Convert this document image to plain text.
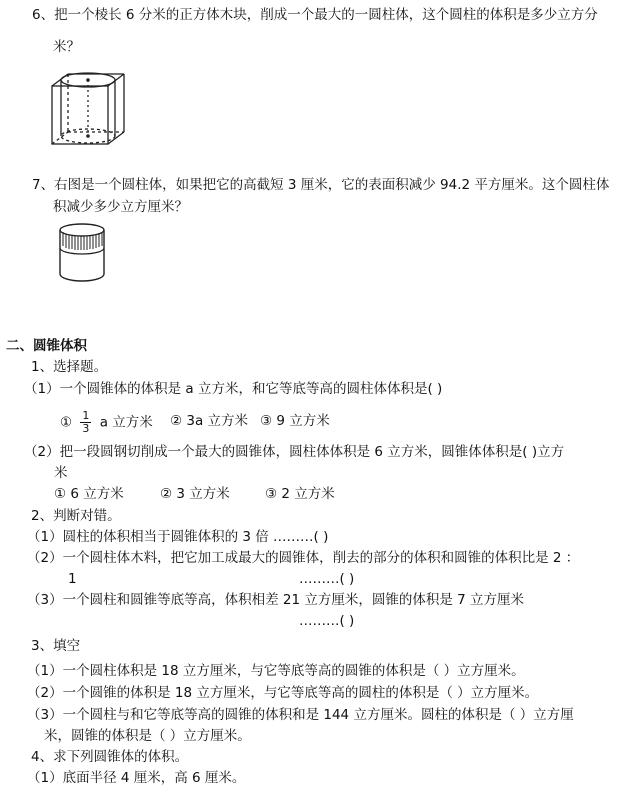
6、把一个棱长 6 分米的正方体木块，削成一个最大的一圆柱体，这个圆柱的体积是多少立方分
米？
7、右图是一个圆柱体，如果把它的高截短 3 厘米，它的表面积减少 94.2 平方厘米。这个圆柱体
积减少多少立方厘米？
二、圆锥体积
1、选择题。
（1）一个圆锥体的体积是 a 立方米，和它等底等高的圆柱体体积是( )
① $\frac{1}{3}$ a 立方米 ② 3a 立方米 ③ 9 立方米
（2）把一段圆钢切削成一个最大的圆锥体，圆柱体体积是 6 立方米，圆锥体体积是( )立方
米
① 6 立方米	② 3 立方米	③ 2 立方米
2、判断对错。
（1）圆柱的体积相当于圆锥体积的 3 倍 ………( )
（2）一个圆柱体木料，把它加工成最大的圆锥体，削去的部分的体积和圆锥的体积比是 2 ：
1	………( )
（3）一个圆柱和圆锥等底等高，体积相差 21 立方厘米，圆锥的体积是 7 立方厘米
………( )
3、填空
（1）一个圆柱体积是 18 立方厘米，与它等底等高的圆锥的体积是（ ）立方厘米。
（2）一个圆锥的体积是 18 立方厘米，与它等底等高的圆柱的体积是（ ）立方厘米。
（3）一个圆柱与和它等底等高的圆锥的体积和是 144 立方厘米。圆柱的体积是（ ）立方厘
米，圆锥的体积是（ ）立方厘米。
4、求下列圆锥体的体积。
（1）底面半径 4 厘米，高 6 厘米。
